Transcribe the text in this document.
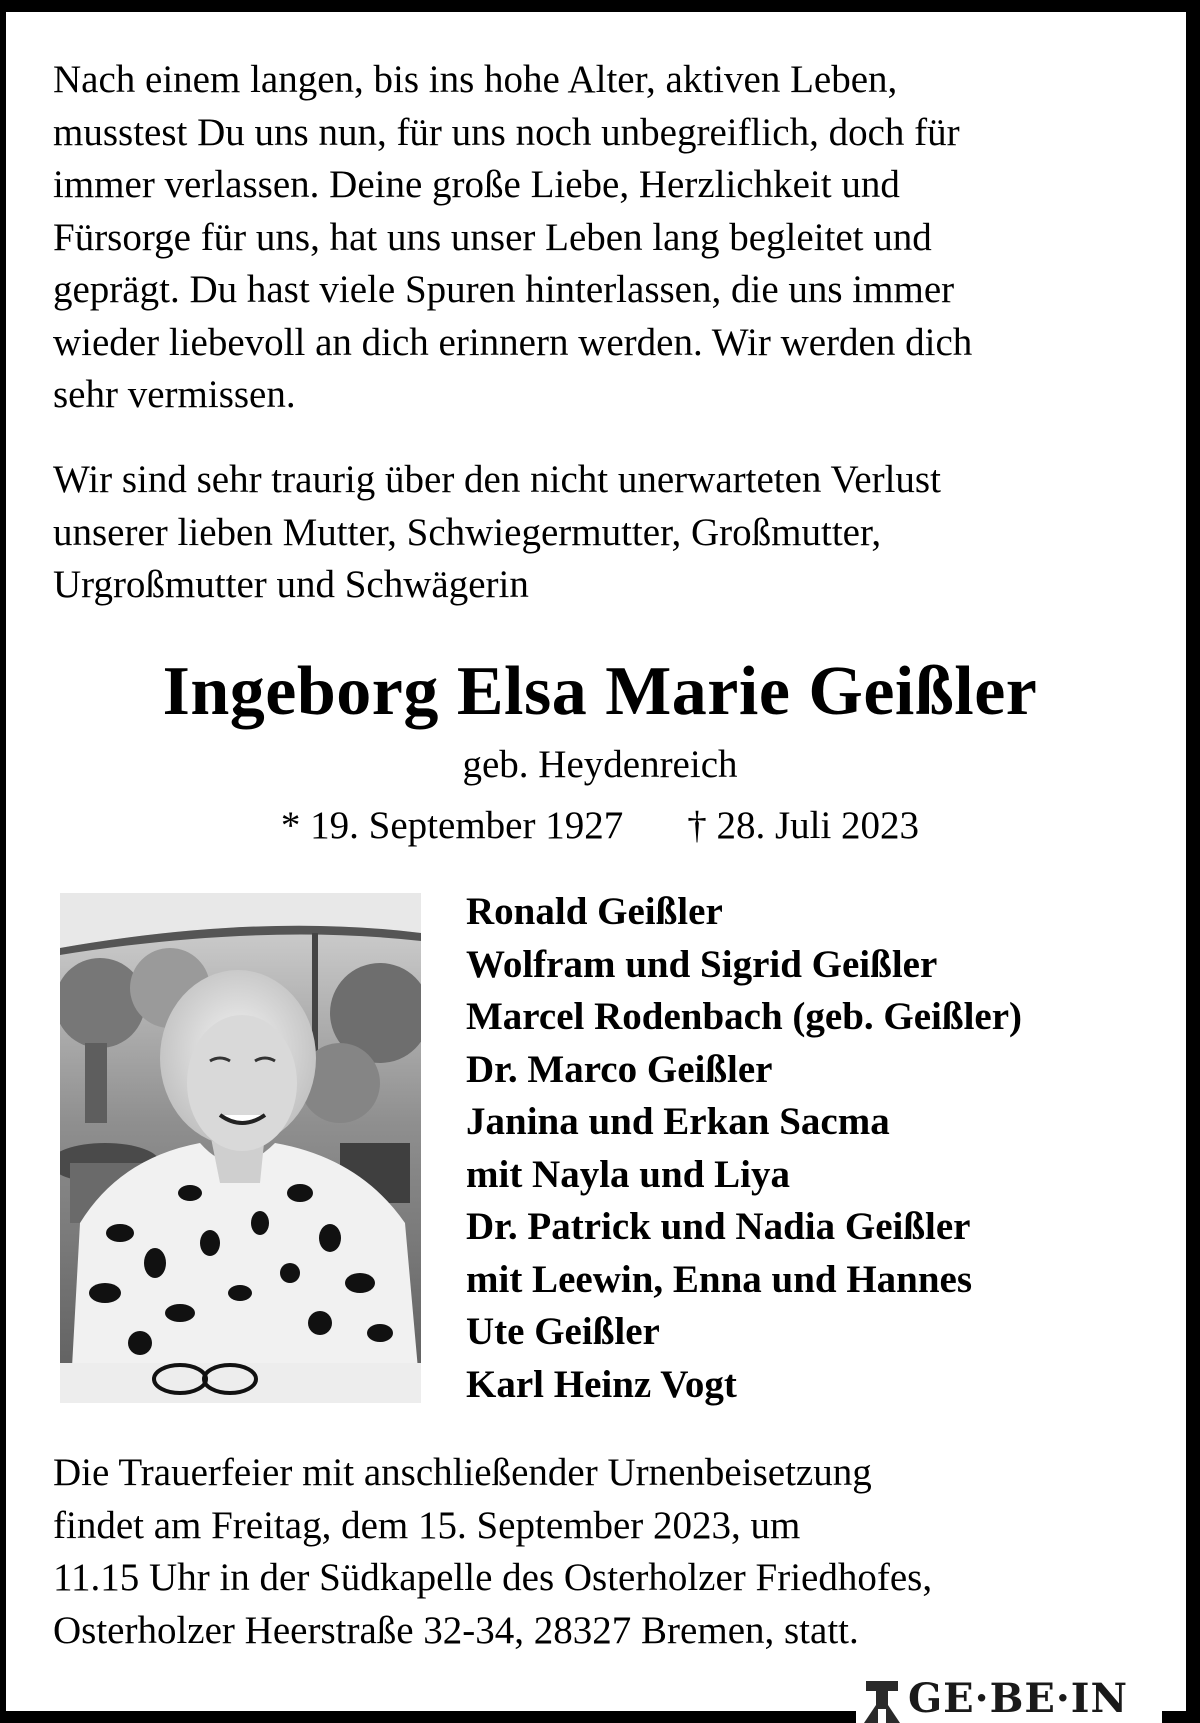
Nach einem langen, bis ins hohe Alter, aktiven Leben,
musstest Du uns nun, für uns noch unbegreiflich, doch für
immer verlassen. Deine große Liebe, Herzlichkeit und
Fürsorge für uns, hat uns unser Leben lang begleitet und
geprägt. Du hast viele Spuren hinterlassen, die uns immer
wieder liebevoll an dich erinnern werden. Wir werden dich
sehr vermissen.

Wir sind sehr traurig über den nicht unerwarteten Verlust
unserer lieben Mutter, Schwiegermutter, Großmutter,
Urgroßmutter und Schwägerin

Ingeborg Elsa Marie Geißler
geb. Heydenreich
* 19. September 1927 † 28. Juli 2023
Ronald Geißler
Wolfram und Sigrid Geißler
Marcel Rodenbach (geb. Geißler)
Dr. Marco Geißler
Janina und Erkan Sacma
mit Nayla und Liya
Dr. Patrick und Nadia Geißler
mit Leewin, Enna und Hannes
Ute Geißler
Karl Heinz Vogt

Die Trauerfeier mit anschließender Urnenbeisetzung
findet am Freitag, dem 15. September 2023, um
11.15 Uhr in der Südkapelle des Osterholzer Friedhofes,
Osterholzer Heerstraße 32-34, 28327 Bremen, statt.

GE·BE·IN
